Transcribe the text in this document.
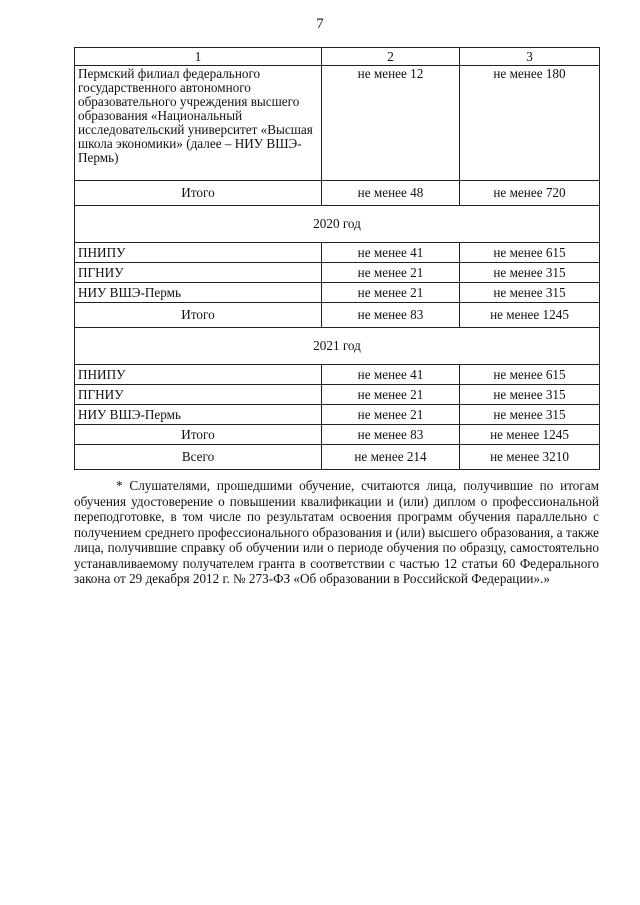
7
1	2	3
Пермский филиал федерального государственного автономного образовательного учреждения высшего образования «Национальный исследовательский университет «Высшая школа экономики» (далее – НИУ ВШЭ-Пермь)	не менее 12	не менее 180
Итого	не менее 48	не менее 720
2020 год		
ПНИПУ	не менее 41	не менее 615
ПГНИУ	не менее 21	не менее 315
НИУ ВШЭ-Пермь	не менее 21	не менее 315
Итого	не менее 83	не менее 1245
2021 год		
ПНИПУ	не менее 41	не менее 615
ПГНИУ	не менее 21	не менее 315
НИУ ВШЭ-Пермь	не менее 21	не менее 315
Итого	не менее 83	не менее 1245
Всего	не менее 214	не менее 3210

* Слушателями, прошедшими обучение, считаются лица, получившие по итогам обучения удостоверение о повышении квалификации и (или) диплом о профессиональной переподготовке, в том числе по результатам освоения программ обучения параллельно с получением среднего профессионального образования и (или) высшего образования, а также лица, получившие справку об обучении или о периоде обучения по образцу, самостоятельно устанавливаемому получателем гранта в соответствии с частью 12 статьи 60 Федерального закона от 29 декабря 2012 г. № 273-ФЗ «Об образовании в Российской Федерации».»
